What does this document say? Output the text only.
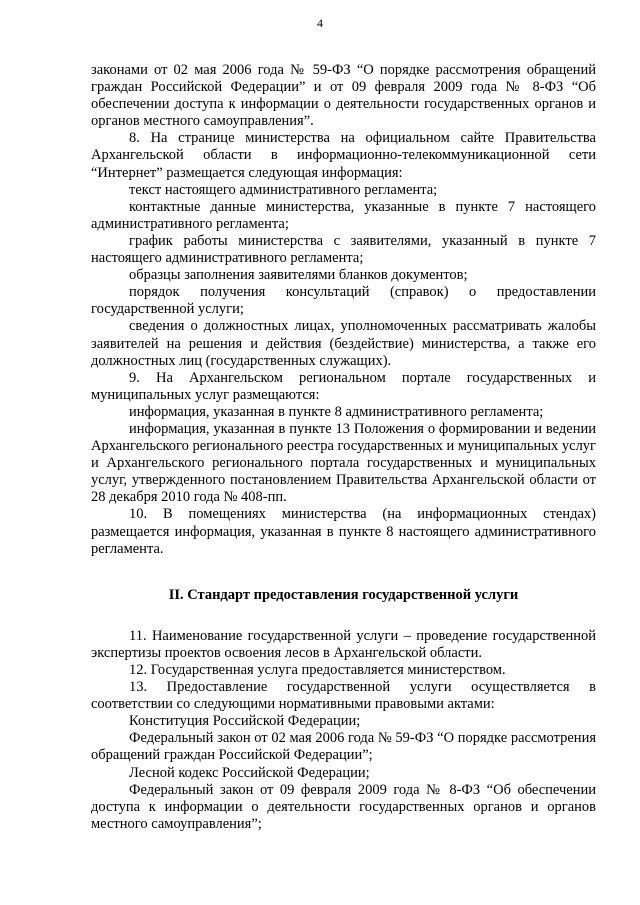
4

законами от 02 мая 2006 года № 59-ФЗ “О порядке рассмотрения обращений граждан Российской Федерации” и от 09 февраля 2009 года № 8-ФЗ “Об обеспечении доступа к информации о деятельности государственных органов и органов местного самоуправления”.

8. На странице министерства на официальном сайте Правительства Архангельской области в информационно-телекоммуникационной сети “Интернет” размещается следующая информация:

текст настоящего административного регламента;

контактные данные министерства, указанные в пункте 7 настоящего административного регламента;

график работы министерства с заявителями, указанный в пункте 7 настоящего административного регламента;

образцы заполнения заявителями бланков документов;

порядок получения консультаций (справок) о предоставлении государственной услуги;

сведения о должностных лицах, уполномоченных рассматривать жалобы заявителей на решения и действия (бездействие) министерства, а также его должностных лиц (государственных служащих).

9. На Архангельском региональном портале государственных и муниципальных услуг размещаются:

информация, указанная в пункте 8 административного регламента;

информация, указанная в пункте 13 Положения о формировании и ведении Архангельского регионального реестра государственных и муниципальных услуг и Архангельского регионального портала государственных и муниципальных услуг, утвержденного постановлением Правительства Архангельской области от 28 декабря 2010 года № 408-пп.

10. В помещениях министерства (на информационных стендах) размещается информация, указанная в пункте 8 настоящего административного регламента.

II. Стандарт предоставления государственной услуги

11. Наименование государственной услуги – проведение государственной экспертизы проектов освоения лесов в Архангельской области.

12. Государственная услуга предоставляется министерством.

13. Предоставление государственной услуги осуществляется в соответствии со следующими нормативными правовыми актами:

Конституция Российской Федерации;

Федеральный закон от 02 мая 2006 года № 59-ФЗ “О порядке рассмотрения обращений граждан Российской Федерации”;

Лесной кодекс Российской Федерации;

Федеральный закон от 09 февраля 2009 года № 8-ФЗ “Об обеспечении доступа к информации о деятельности государственных органов и органов местного самоуправления”;
